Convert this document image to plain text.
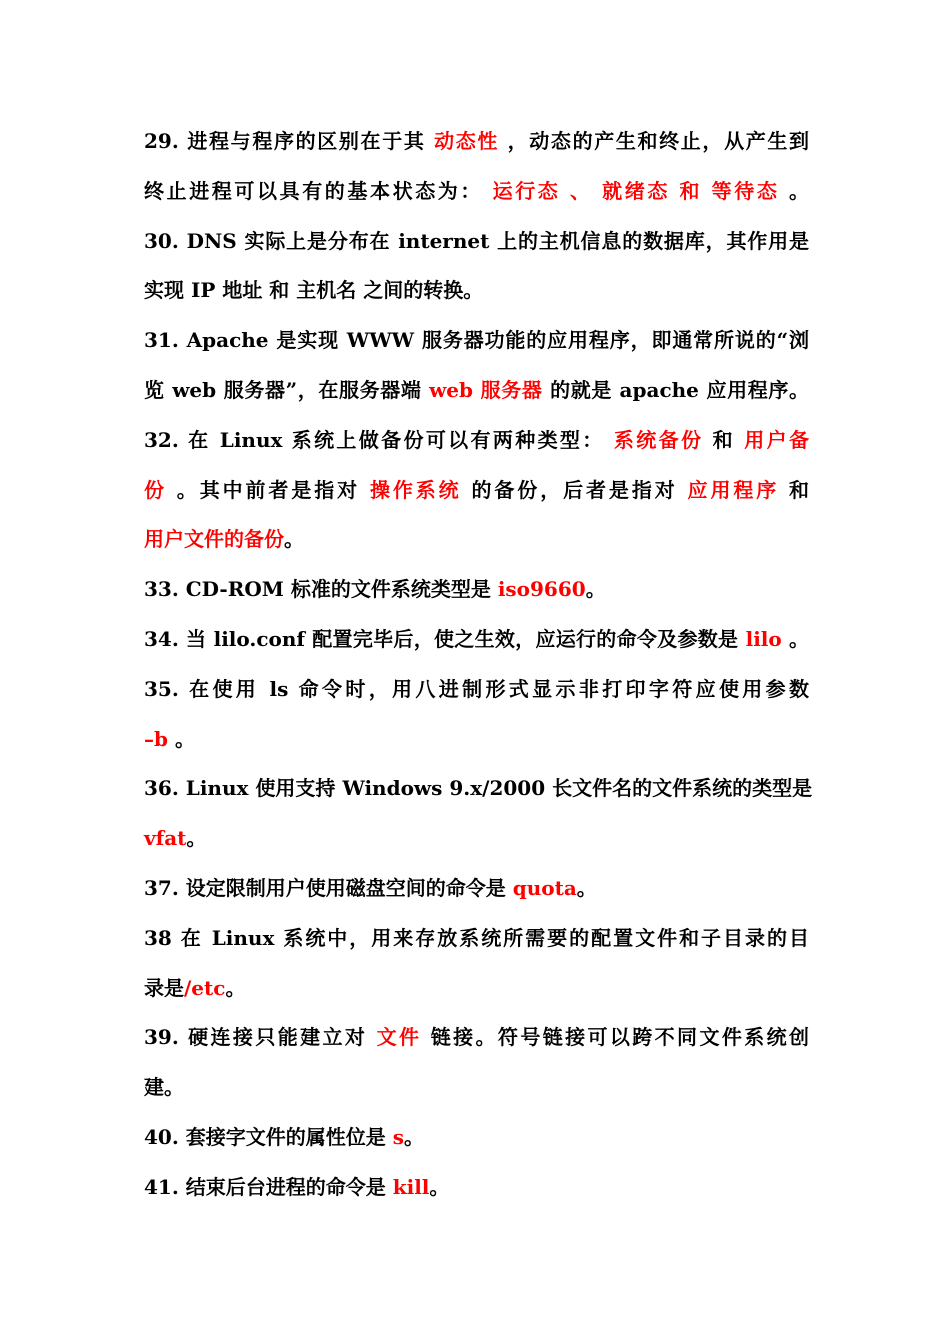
29. 进程与程序的区别在于其 动态性 ，动态的产生和终止，从产生到
终止进程可以具有的基本状态为： 运行态 、 就绪态 和 等待态 。
30. DNS 实际上是分布在 internet 上的主机信息的数据库，其作用是
实现 IP 地址 和 主机名 之间的转换。
31. Apache 是实现 WWW 服务器功能的应用程序，即通常所说的“浏
览 web 服务器”，在服务器端 web 服务器 的就是 apache 应用程序。
32. 在 Linux 系统上做备份可以有两种类型： 系统备份 和 用户备
份 。其中前者是指对 操作系统 的备份，后者是指对 应用程序 和
用户文件的备份。
33. CD-ROM 标准的文件系统类型是 iso9660。
34. 当 lilo.conf 配置完毕后，使之生效，应运行的命令及参数是 lilo 。
35. 在使用 ls 命令时，用八进制形式显示非打印字符应使用参数
–b 。
36. Linux 使用支持 Windows 9.x/2000 长文件名的文件系统的类型是
vfat。
37. 设定限制用户使用磁盘空间的命令是 quota。
38 在 Linux 系统中，用来存放系统所需要的配置文件和子目录的目
录是/etc。
39. 硬连接只能建立对 文件 链接。符号链接可以跨不同文件系统创
建。
40. 套接字文件的属性位是 s。
41. 结束后台进程的命令是 kill。
